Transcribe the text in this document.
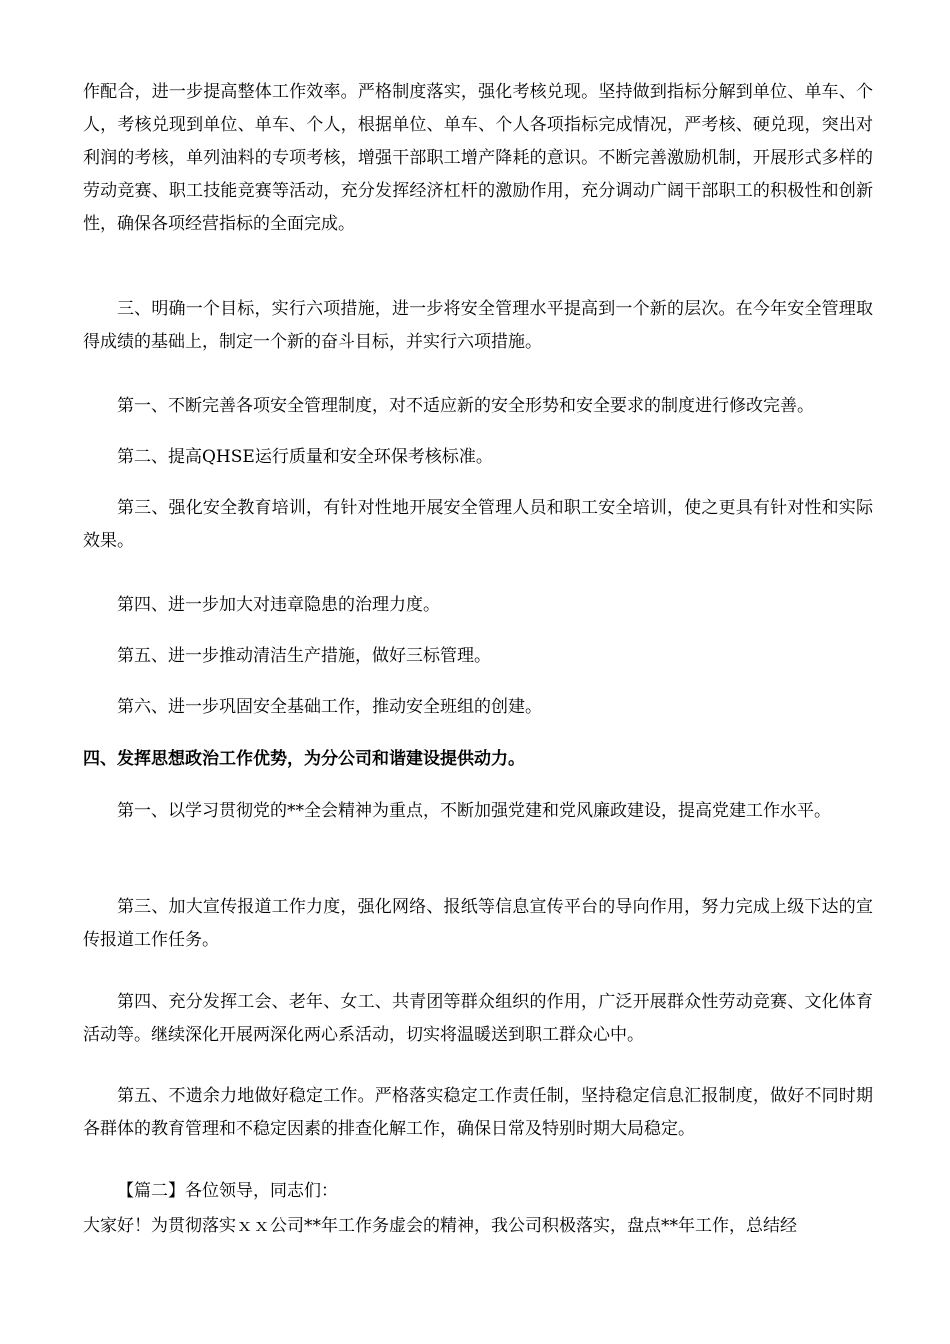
作配合，进一步提高整体工作效率。严格制度落实，强化考核兑现。坚持做到指标分解到单位、单车、个人，考核兑现到单位、单车、个人，根据单位、单车、个人各项指标完成情况，严考核、硬兑现，突出对利润的考核，单列油料的专项考核，增强干部职工增产降耗的意识。不断完善激励机制，开展形式多样的劳动竞赛、职工技能竞赛等活动，充分发挥经济杠杆的激励作用，充分调动广阔干部职工的积极性和创新性，确保各项经营指标的全面完成。

三、明确一个目标，实行六项措施，进一步将安全管理水平提高到一个新的层次。在今年安全管理取得成绩的基础上，制定一个新的奋斗目标，并实行六项措施。

第一、不断完善各项安全管理制度，对不适应新的安全形势和安全要求的制度进行修改完善。

第二、提高QHSE运行质量和安全环保考核标准。

第三、强化安全教育培训，有针对性地开展安全管理人员和职工安全培训，使之更具有针对性和实际效果。

第四、进一步加大对违章隐患的治理力度。

第五、进一步推动清洁生产措施，做好三标管理。

第六、进一步巩固安全基础工作，推动安全班组的创建。

四、发挥思想政治工作优势，为分公司和谐建设提供动力。

第一、以学习贯彻党的**全会精神为重点，不断加强党建和党风廉政建设，提高党建工作水平。

第三、加大宣传报道工作力度，强化网络、报纸等信息宣传平台的导向作用，努力完成上级下达的宣传报道工作任务。

第四、充分发挥工会、老年、女工、共青团等群众组织的作用，广泛开展群众性劳动竞赛、文化体育活动等。继续深化开展两深化两心系活动，切实将温暖送到职工群众心中。

第五、不遗余力地做好稳定工作。严格落实稳定工作责任制，坚持稳定信息汇报制度，做好不同时期各群体的教育管理和不稳定因素的排查化解工作，确保日常及特别时期大局稳定。

【篇二】各位领导，同志们：

大家好！为贯彻落实ｘｘ公司**年工作务虚会的精神，我公司积极落实，盘点**年工作，总结经
